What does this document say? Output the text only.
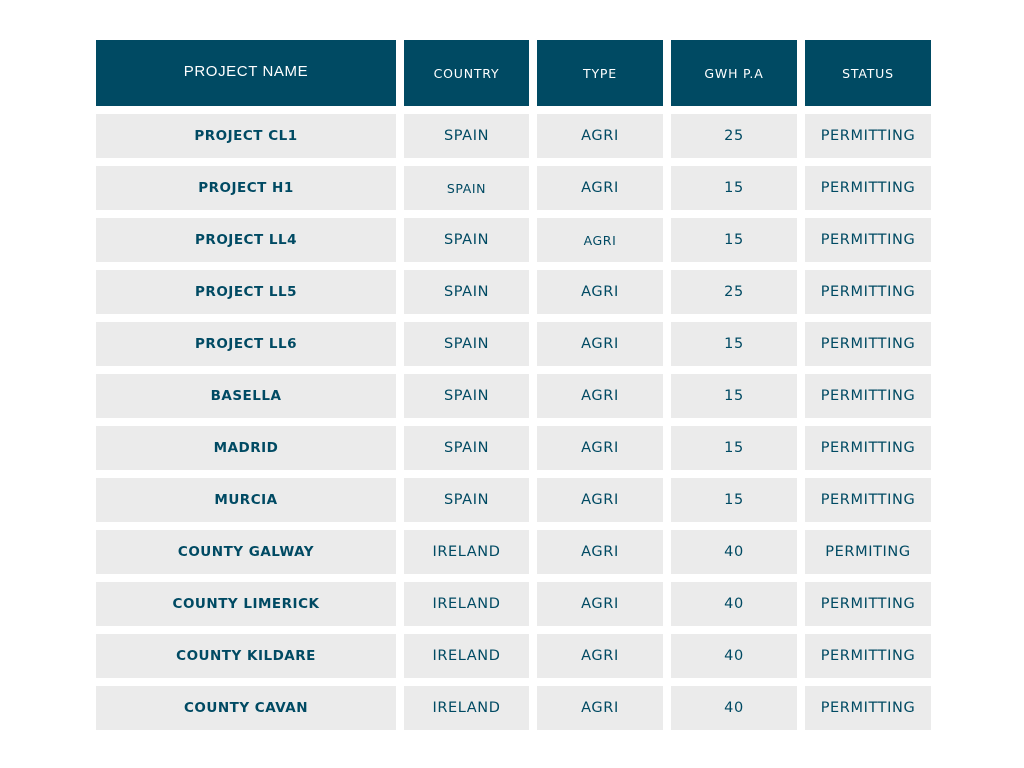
PROJECT NAME	COUNTRY	TYPE	GWH P.A	STATUS
PROJECT CL1	SPAIN	AGRI	25	PERMITTING
PROJECT H1	SPAIN	AGRI	15	PERMITTING
PROJECT LL4	SPAIN	AGRI	15	PERMITTING
PROJECT LL5	SPAIN	AGRI	25	PERMITTING
PROJECT LL6	SPAIN	AGRI	15	PERMITTING
BASELLA	SPAIN	AGRI	15	PERMITTING
MADRID	SPAIN	AGRI	15	PERMITTING
MURCIA	SPAIN	AGRI	15	PERMITTING
COUNTY GALWAY	IRELAND	AGRI	40	PERMITING
COUNTY LIMERICK	IRELAND	AGRI	40	PERMITTING
COUNTY KILDARE	IRELAND	AGRI	40	PERMITTING
COUNTY CAVAN	IRELAND	AGRI	40	PERMITTING
